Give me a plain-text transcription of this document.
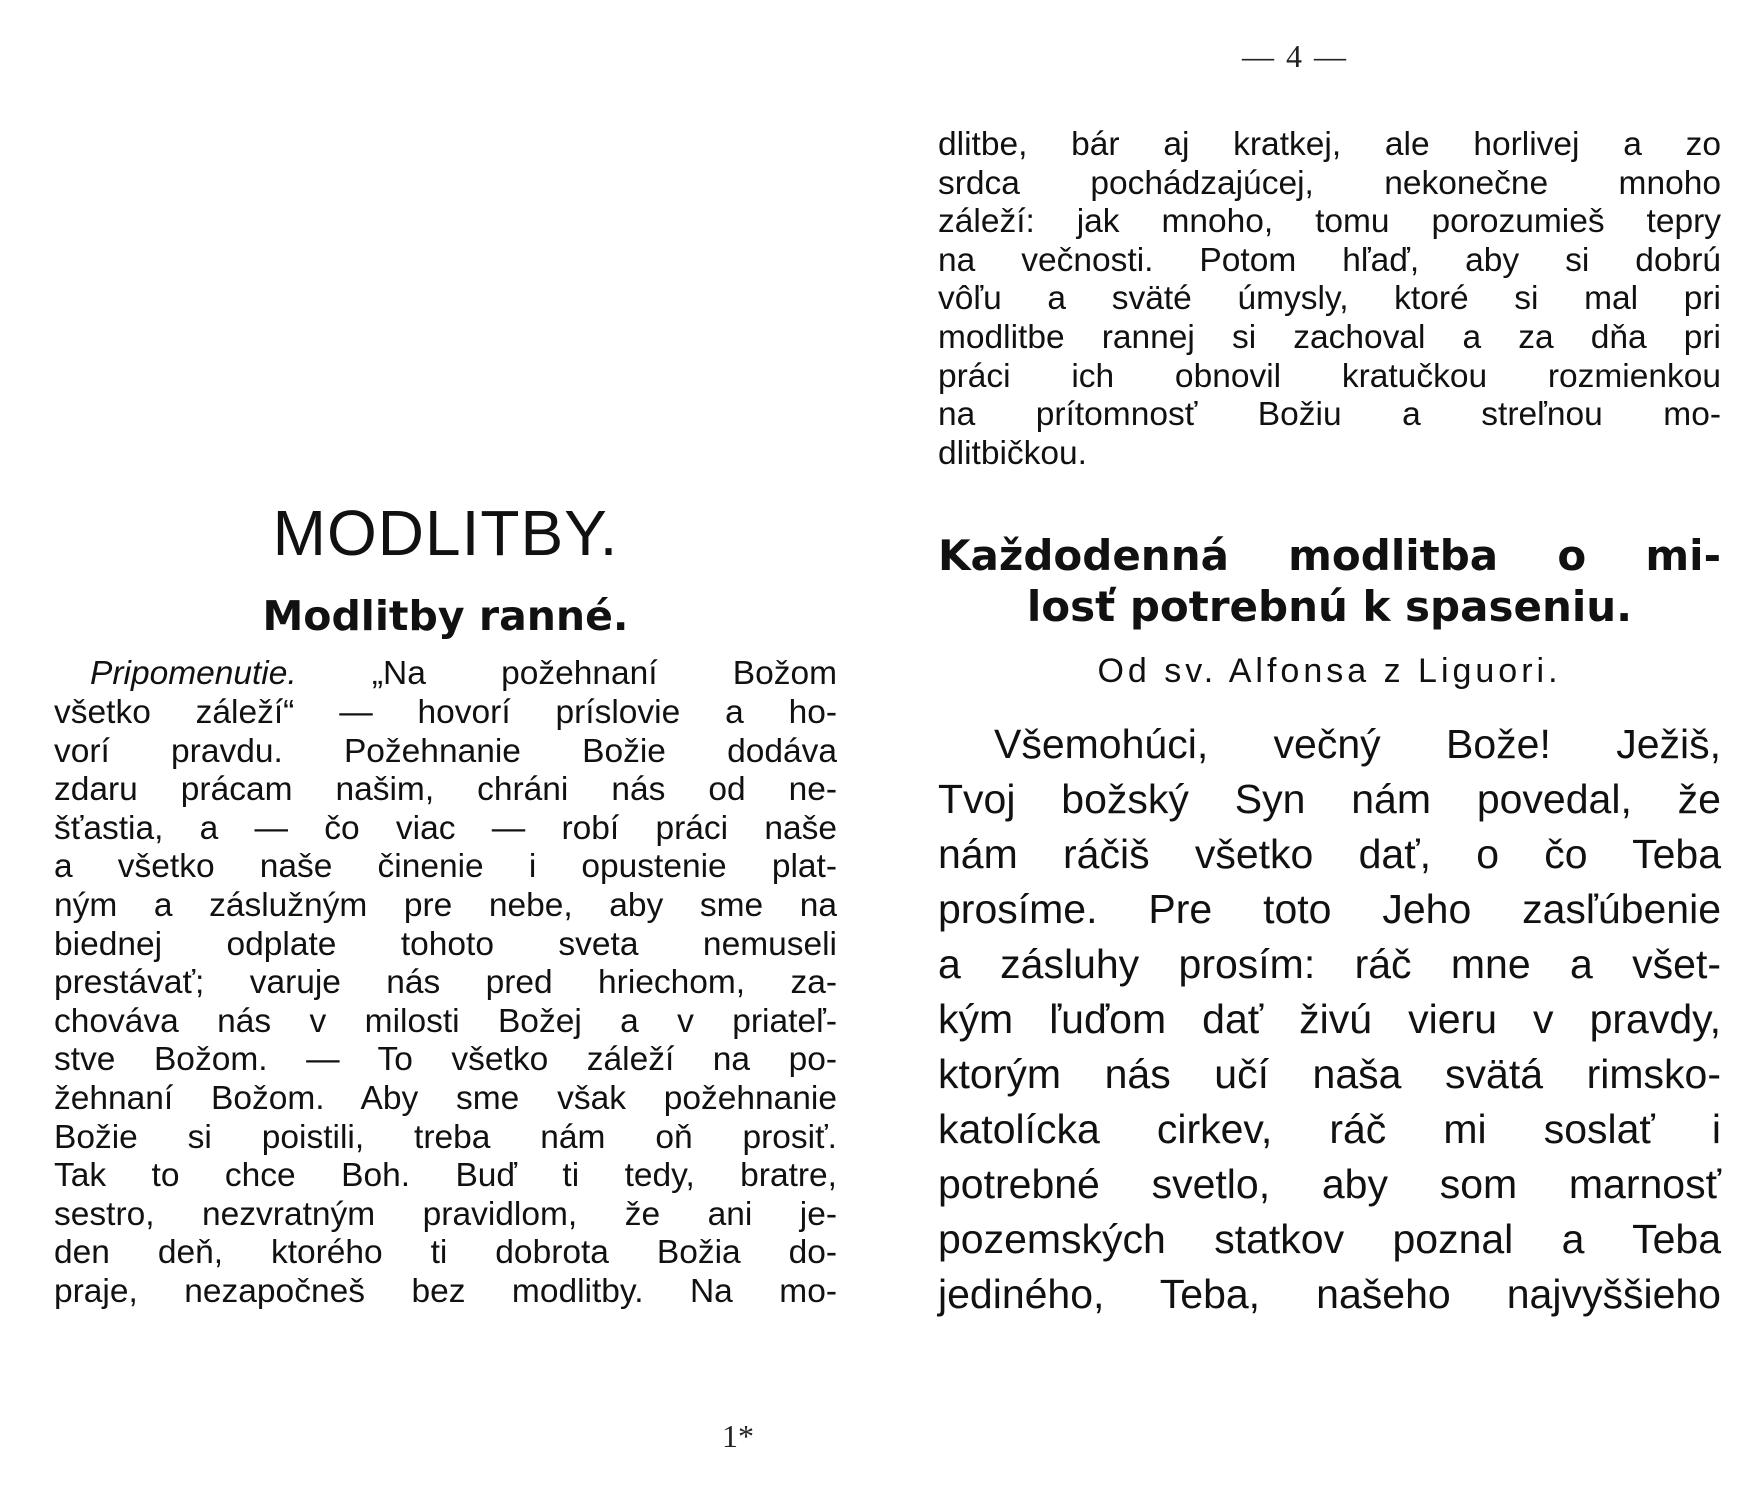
MODLITBY.
Modlitby ranné.
Pripomenutie. „Na požehnaní Božom
všetko záleží“ — hovorí príslovie a ho-
vorí pravdu. Požehnanie Božie dodáva
zdaru prácam našim, chráni nás od ne-
šťastia, a — čo viac — robí práci naše
a všetko naše činenie i opustenie plat-
ným a záslužným pre nebe, aby sme na
biednej odplate tohoto sveta nemuseli
prestávať; varuje nás pred hriechom, za-
chováva nás v milosti Božej a v priateľ-
stve Božom. — To všetko záleží na po-
žehnaní Božom. Aby sme však požehnanie
Božie si poistili, treba nám oň prosiť.
Tak to chce Boh. Buď ti tedy, bratre,
sestro, nezvratným pravidlom, že ani je-
den deň, ktorého ti dobrota Božia do-
praje, nezapočneš bez modlitby. Na mo-
1*
— 4 —
dlitbe, bár aj kratkej, ale horlivej a zo
srdca pochádzajúcej, nekonečne mnoho
záleží: jak mnoho, tomu porozumieš tepry
na večnosti. Potom hľaď, aby si dobrú
vôľu a sväté úmysly, ktoré si mal pri
modlitbe rannej si zachoval a za dňa pri
práci ich obnovil kratučkou rozmienkou
na prítomnosť Božiu a streľnou mo-
dlitbičkou.
Každodenná modlitba o mi-
losť potrebnú k spaseniu.
Od sv. Alfonsa z Liguori.
Všemohúci, večný Bože! Ježiš,
Tvoj božský Syn nám povedal, že
nám ráčiš všetko dať, o čo Teba
prosíme. Pre toto Jeho zasľúbenie
a zásluhy prosím: ráč mne a všet-
kým ľuďom dať živú vieru v pravdy,
ktorým nás učí naša svätá rimsko-
katolícka cirkev, ráč mi soslať i
potrebné svetlo, aby som marnosť
pozemských statkov poznal a Teba
jediného, Teba, našeho najvyššieho
